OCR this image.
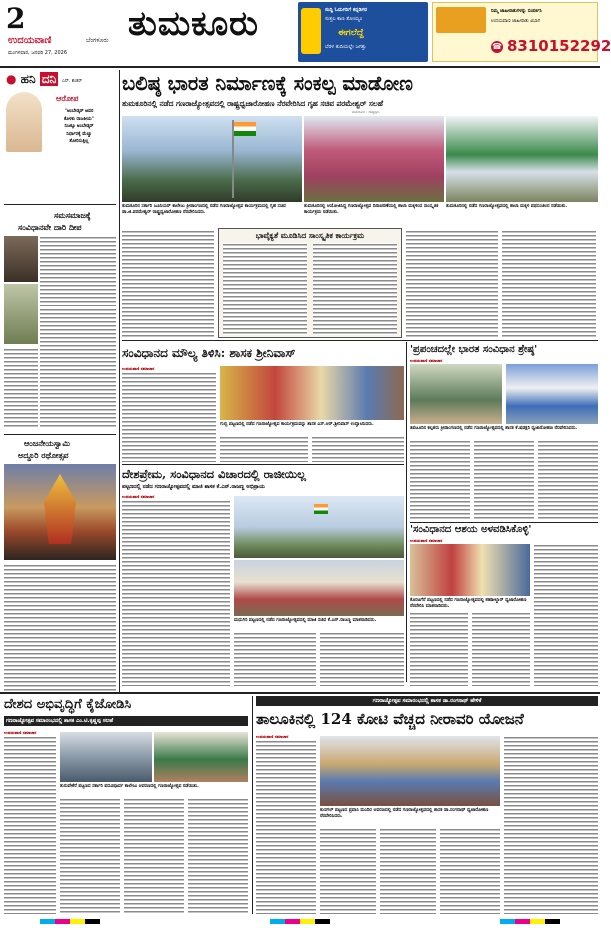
2
ಉದಯವಾಣಿ	ಬೆಂಗಳೂರು
ಮಂಗಳವಾರ, ಜನವರಿ 27, 2026
ತುಮಕೂರು	ಸುದ್ದಿ ಓದುಗರಿಗೆ ಕನ್ನಡಿಗರ
ಸುತ್ತಲ ಕಾಣ ತೋಯ್ಯಂ
ಈಗಲೆದ್ದೆ
ಬೆರಳ ತುದಿಯಲ್ಲೇ ಜಗತ್ತು
ನಿಮ್ಮ ಜಾಹೀರಾತುಗಳನ್ನು ಸಂಪರ್ಕಿಸಿ
ಉದಯವಾಣಿ ಜಾಹೀರಾತು ವಿಭಾಗ
☎ 8310152292
● ಹನಿ ದನಿ	ಎನ್. ಶಂಕರ್
ಆರೋಪ
"ಅಂಬೇಡ್ಕರ್ ಅವರ
ಕೊಳಕು ರಾಜಕೀಯ"
ನಿಜಕ್ಕೂ ಅಂಬೇಡ್ಕರ್
ನಿರ್ಧಾರಕ್ಕೆ ಮೆಚ್ಚು
ತೋರಿಸುತ್ತಿಲ್ಲ
ಸಮಸಮಾಜಕ್ಕೆ
ಸಂವಿಧಾನವೇ ದಾರಿ ದೀಪ
ಆಂಜನೇಯಸ್ವಾಮಿ
ಅದ್ದೂರಿ ರಥೋತ್ಸವ
ಬಲಿಷ್ಠ ಭಾರತ ನಿರ್ಮಾಣಕ್ಕೆ ಸಂಕಲ್ಪ ಮಾಡೋಣ
ತುಮಕೂರಿನಲ್ಲಿ ನಡೆದ ಗಣರಾಜ್ಯೋತ್ಸವದಲ್ಲಿ ರಾಷ್ಟ್ರಧ್ವಜಾರೋಹಣ ನೆರವೇರಿಸಿದ ಗೃಹ ಸಚಿವ ಪರಮೇಶ್ವರ್ ಸಲಹೆ
ತುಮಕೂರು : ರಾಷ್ಟ್ರಧ್ವಜ
ತುಮಕೂರಿನ ಸರ್ಕಾರಿ ಜೂನಿಯರ್ ಕಾಲೇಜು ಕ್ರೀಡಾಂಗಣದಲ್ಲಿ ನಡೆದ ಗಣರಾಜ್ಯೋತ್ಸವ ಕಾರ್ಯಕ್ರಮದಲ್ಲಿ ಗೃಹ ಸಚಿವ ಡಾ.ಜಿ.ಪರಮೇಶ್ವರ್ ರಾಷ್ಟ್ರಧ್ವಜಾರೋಹಣ ನೆರವೇರಿಸಿದರು.
ತುಮಕೂರಿನಲ್ಲಿ ಆಯೋಜಿಸಿದ್ದ ಗಣರಾಜ್ಯೋತ್ಸವ ದಿನಾಚರಣೆಯಲ್ಲಿ ಶಾಲಾ ಮಕ್ಕಳಿಂದ ಸಾಂಸ್ಕೃತಿಕ ಕಾರ್ಯಕ್ರಮ ನಡೆಯಿತು.
ತುಮಕೂರಿನಲ್ಲಿ ನಡೆದ ಗಣರಾಜ್ಯೋತ್ಸವದಲ್ಲಿ ಶಾಲಾ ಮಕ್ಕಳ ಪಥಸಂಚಲನ ನಡೆಯಿತು.
ಭಾವೈಕ್ಯತೆ ಮೂಡಿಸಿದ ಸಾಂಸ್ಕೃತಿಕ ಕಾರ್ಯಕ್ರಮ
ಸಂವಿಧಾನದ ಮೌಲ್ಯ ತಿಳಿಸಿ: ಶಾಸಕ ಶ್ರೀನಿವಾಸ್
ಉದಯವಾಣಿ ಸಮಾಚಾರ
ಗುಬ್ಬಿ ಪಟ್ಟಣದಲ್ಲಿ ನಡೆದ ಗಣರಾಜ್ಯೋತ್ಸವ ಕಾರ್ಯಕ್ರಮವನ್ನು ಶಾಸಕ ಎಸ್.ಆರ್.ಶ್ರೀನಿವಾಸ್ ಉದ್ಘಾಟಿಸಿದರು.
'ಪ್ರಪಂಚದಲ್ಲೇ ಭಾರತ ಸಂವಿಧಾನ ಶ್ರೇಷ್ಠ'
ಉದಯವಾಣಿ ಸಮಾಚಾರ
ತಿಪಟೂರಿನ ಕಲ್ಪತರು ಕ್ರೀಡಾಂಗಣದಲ್ಲಿ ನಡೆದ ಗಣರಾಜ್ಯೋತ್ಸವದಲ್ಲಿ ಶಾಸಕ ಕೆ.ಷಡಕ್ಷರಿ ಧ್ವಜಾರೋಹಣ ನೆರವೇರಿಸಿದರು.
ದೇಶಪ್ರೇಮ, ಸಂವಿಧಾನದ ವಿಚಾರದಲ್ಲಿ ರಾಜೀಯಿಲ್ಲ
ಪಟ್ಟಣದಲ್ಲಿ ನಡೆದ ಗಣರಾಜ್ಯೋತ್ಸವದಲ್ಲಿ ಮಾಜಿ ಶಾಸಕ ಕೆ.ಎನ್.ರಾಜಣ್ಣ ಅಭಿಪ್ರಾಯ
ಉದಯವಾಣಿ ಸಮಾಚಾರ
ಮಧುಗಿರಿ ಪಟ್ಟಣದಲ್ಲಿ ನಡೆದ ಗಣರಾಜ್ಯೋತ್ಸವದಲ್ಲಿ ಮಾಜಿ ಸಚಿವ ಕೆ.ಎನ್.ರಾಜಣ್ಣ ಮಾತನಾಡಿದರು.
'ಸಂವಿಧಾನದ ಆಶಯ ಅಳವಡಿಸಿಕೊಳ್ಳಿ'
ಉದಯವಾಣಿ ಸಮಾಚಾರ
ಕೊರಟಗೆರೆ ಪಟ್ಟಣದಲ್ಲಿ ನಡೆದ ಗಣರಾಜ್ಯೋತ್ಸವದಲ್ಲಿ ತಹಶೀಲ್ದಾರ್ ಧ್ವಜಾರೋಹಣ ನೆರವೇರಿಸಿ ಮಾತನಾಡಿದರು.
ದೇಶದ ಅಭಿವೃದ್ಧಿಗೆ ಕೈಜೋಡಿಸಿ
ಗಣರಾಜ್ಯೋತ್ಸವ ಸಮಾರಂಭದಲ್ಲಿ ಶಾಸಕ ಎಂ.ಟಿ.ಕೃಷ್ಣಪ್ಪ ಸಲಹೆ
ಉದಯವಾಣಿ ಸಮಾಚಾರ
ತುರುವೇಕೆರೆ ಪಟ್ಟಣದ ಸರ್ಕಾರಿ ಪದವಿಪೂರ್ವ ಕಾಲೇಜು ಆವರಣದಲ್ಲಿ ಗಣರಾಜ್ಯೋತ್ಸವ ನಡೆಯಿತು.
ಗಣರಾಜ್ಯೋತ್ಸವ ಸಮಾರಂಭದಲ್ಲಿ ಶಾಸಕ ಡಾ.ರಂಗನಾಥ್ ಹೇಳಿಕೆ
ತಾಲೂಕಿನಲ್ಲಿ 124 ಕೋಟಿ ವೆಚ್ಚದ ನೀರಾವರಿ ಯೋಜನೆ
ಉದಯವಾಣಿ ಸಮಾಚಾರ
ಕುಣಿಗಲ್ ಪಟ್ಟಣದ ಪ್ರವಾಸಿ ಮಂದಿರ ಆವರಣದಲ್ಲಿ ನಡೆದ ಗಣರಾಜ್ಯೋತ್ಸವದಲ್ಲಿ ಶಾಸಕ ಡಾ.ರಂಗನಾಥ್ ಧ್ವಜಾರೋಹಣ ನೆರವೇರಿಸಿದರು.
